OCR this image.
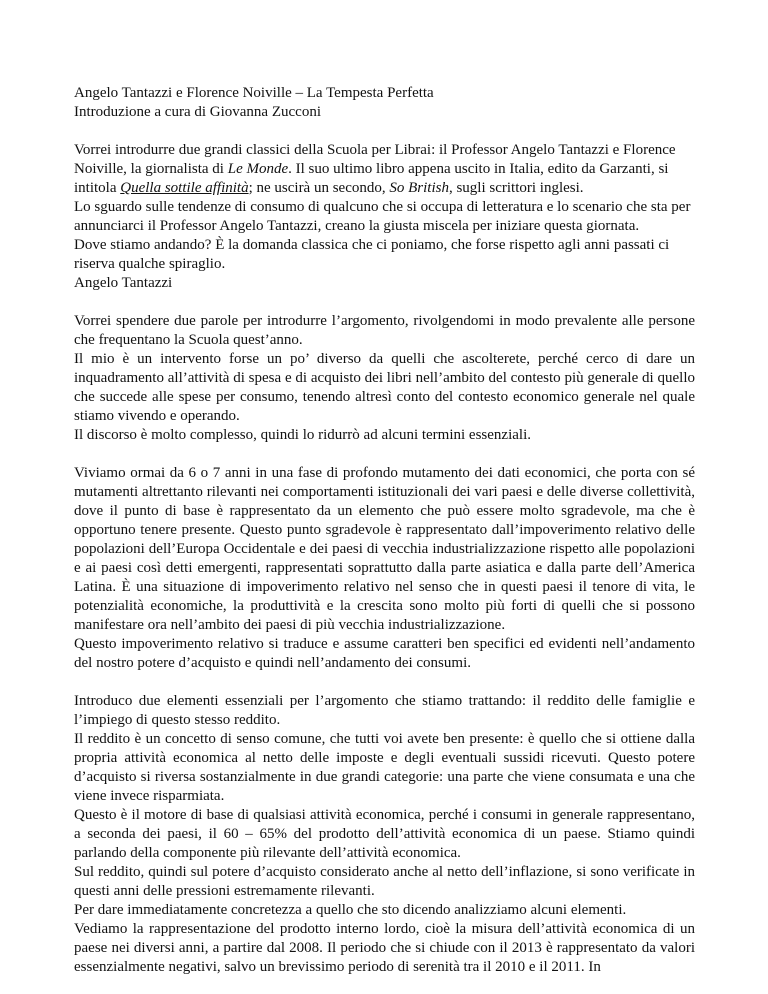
Angelo Tantazzi e Florence Noiville – La Tempesta Perfetta

Introduzione a cura di Giovanna Zucconi

Vorrei introdurre due grandi classici della Scuola per Librai: il Professor Angelo Tantazzi e Florence Noiville, la giornalista di Le Monde. Il suo ultimo libro appena uscito in Italia, edito da Garzanti, si intitola Quella sottile affinità; ne uscirà un secondo, So British, sugli scrittori inglesi.

Lo sguardo sulle tendenze di consumo di qualcuno che si occupa di letteratura e lo scenario che sta per annunciarci il Professor Angelo Tantazzi, creano la giusta miscela per iniziare questa giornata.

Dove stiamo andando? È la domanda classica che ci poniamo, che forse rispetto agli anni passati ci riserva qualche spiraglio.

Angelo Tantazzi

Vorrei spendere due parole per introdurre l’argomento, rivolgendomi in modo prevalente alle persone che frequentano la Scuola quest’anno.

Il mio è un intervento forse un po’ diverso da quelli che ascolterete, perché cerco di dare un inquadramento all’attività di spesa e di acquisto dei libri nell’ambito del contesto più generale di quello che succede alle spese per consumo, tenendo altresì conto del contesto economico generale nel quale stiamo vivendo e operando.

Il discorso è molto complesso, quindi lo ridurrò ad alcuni termini essenziali.

Viviamo ormai da 6 o 7 anni in una fase di profondo mutamento dei dati economici, che porta con sé mutamenti altrettanto rilevanti nei comportamenti istituzionali dei vari paesi e delle diverse collettività, dove il punto di base è rappresentato da un elemento che può essere molto sgradevole, ma che è opportuno tenere presente. Questo punto sgradevole è rappresentato dall’impoverimento relativo delle popolazioni dell’Europa Occidentale e dei paesi di vecchia industrializzazione rispetto alle popolazioni e ai paesi così detti emergenti, rappresentati soprattutto dalla parte asiatica e dalla parte dell’America Latina. È una situazione di impoverimento relativo nel senso che in questi paesi il tenore di vita, le potenzialità economiche, la produttività e la crescita sono molto più forti di quelli che si possono manifestare ora nell’ambito dei paesi di più vecchia industrializzazione.

Questo impoverimento relativo si traduce e assume caratteri ben specifici ed evidenti nell’andamento del nostro potere d’acquisto e quindi nell’andamento dei consumi.

Introduco due elementi essenziali per l’argomento che stiamo trattando: il reddito delle famiglie e l’impiego di questo stesso reddito.

Il reddito è un concetto di senso comune, che tutti voi avete ben presente: è quello che si ottiene dalla propria attività economica al netto delle imposte e degli eventuali sussidi ricevuti. Questo potere d’acquisto si riversa sostanzialmente in due grandi categorie: una parte che viene consumata e una che viene invece risparmiata.

Questo è il motore di base di qualsiasi attività economica, perché i consumi in generale rappresentano, a seconda dei paesi, il 60 – 65% del prodotto dell’attività economica di un paese. Stiamo quindi parlando della componente più rilevante dell’attività economica.

Sul reddito, quindi sul potere d’acquisto considerato anche al netto dell’inflazione, si sono verificate in questi anni delle pressioni estremamente rilevanti.

Per dare immediatamente concretezza a quello che sto dicendo analizziamo alcuni elementi.

Vediamo la rappresentazione del prodotto interno lordo, cioè la misura dell’attività economica di un paese nei diversi anni, a partire dal 2008. Il periodo che si chiude con il 2013 è rappresentato da valori essenzialmente negativi, salvo un brevissimo periodo di serenità tra il 2010 e il 2011. In
